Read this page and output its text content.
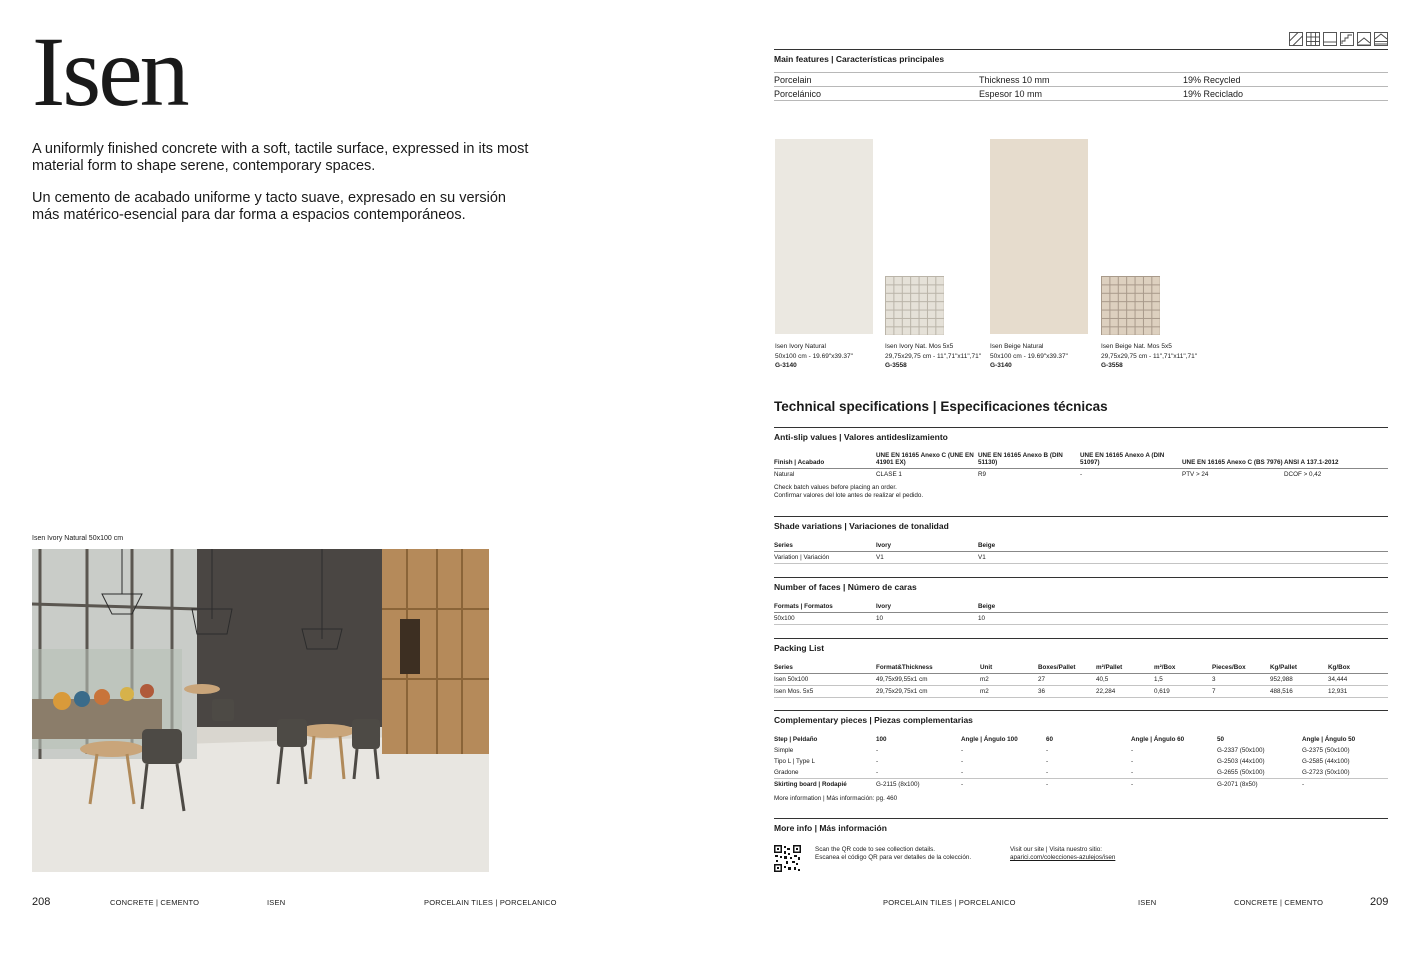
Isen

A uniformly finished concrete with a soft, tactile surface, expressed in its most material form to shape serene, contemporary spaces.

Un cemento de acabado uniforme y tacto suave, expresado en su versión más matérico-esencial para dar forma a espacios contemporáneos.

Isen Ivory Natural 50x100 cm
208	CONCRETE | CEMENTO	ISEN	PORCELAIN TILES | PORCELANICO
Main features | Características principales
Porcelain	Thickness 10 mm	19% Recycled
Porcelánico	Espesor 10 mm	19% Reciclado
Isen Ivory Natural
50x100 cm - 19.69"x39.37"
G-3140
Isen Ivory Nat. Mos 5x5
29,75x29,75 cm - 11",71"x11",71"
G-3558
Isen Beige Natural
50x100 cm - 19.69"x39.37"
G-3140
Isen Beige Nat. Mos 5x5
29,75x29,75 cm - 11",71"x11",71"
G-3558
Technical specifications | Especificaciones técnicas
Anti-slip values | Valores antideslizamiento
Finish | Acabado	UNE EN 16165 Anexo C (UNE EN 41901 EX)	UNE EN 16165 Anexo B (DIN 51130)	UNE EN 16165 Anexo A (DIN 51097)	UNE EN 16165 Anexo C (BS 7976)	ANSI A 137.1-2012
Natural	CLASE 1	R9	-	PTV > 24	DCOF > 0,42
Check batch values before placing an order.
Confirmar valores del lote antes de realizar el pedido.
Shade variations | Variaciones de tonalidad
Series	Ivory	Beige
Variation | Variación	V1	V1
Number of faces | Número de caras
Formats | Formatos	Ivory	Beige
50x100	10	10
Packing List
Series	Format&Thickness	Unit	Boxes/Pallet	m²/Pallet	m²/Box	Pieces/Box	Kg/Pallet	Kg/Box
Isen 50x100	49,75x99,55x1 cm	m2	27	40,5	1,5	3	952,988	34,444
Isen Mos. 5x5	29,75x29,75x1 cm	m2	36	22,284	0,619	7	488,516	12,931
Complementary pieces | Piezas complementarias
Step | Peldaño	100	Angle | Ángulo 100	60	Angle | Ángulo 60	50	Angle | Ángulo 50
Simple	-	-	-	-	G-2337 (50x100)	G-2375 (50x100)
Tipo L | Type L	-	-	-	-	G-2503 (44x100)	G-2585 (44x100)
Gradone	-	-	-	-	G-2655 (50x100)	G-2723 (50x100)
Skirting board | Rodapié	G-2115 (8x100)	-	-	-	G-2071 (8x50)	-
More information | Más información: pg. 460
More info | Más información
Scan the QR code to see collection details.
Escanea el código QR para ver detalles de la colección.
Visit our site | Visita nuestro sitio:
aparici.com/colecciones-azulejos/isen
PORCELAIN TILES | PORCELANICO	ISEN	CONCRETE | CEMENTO	209
